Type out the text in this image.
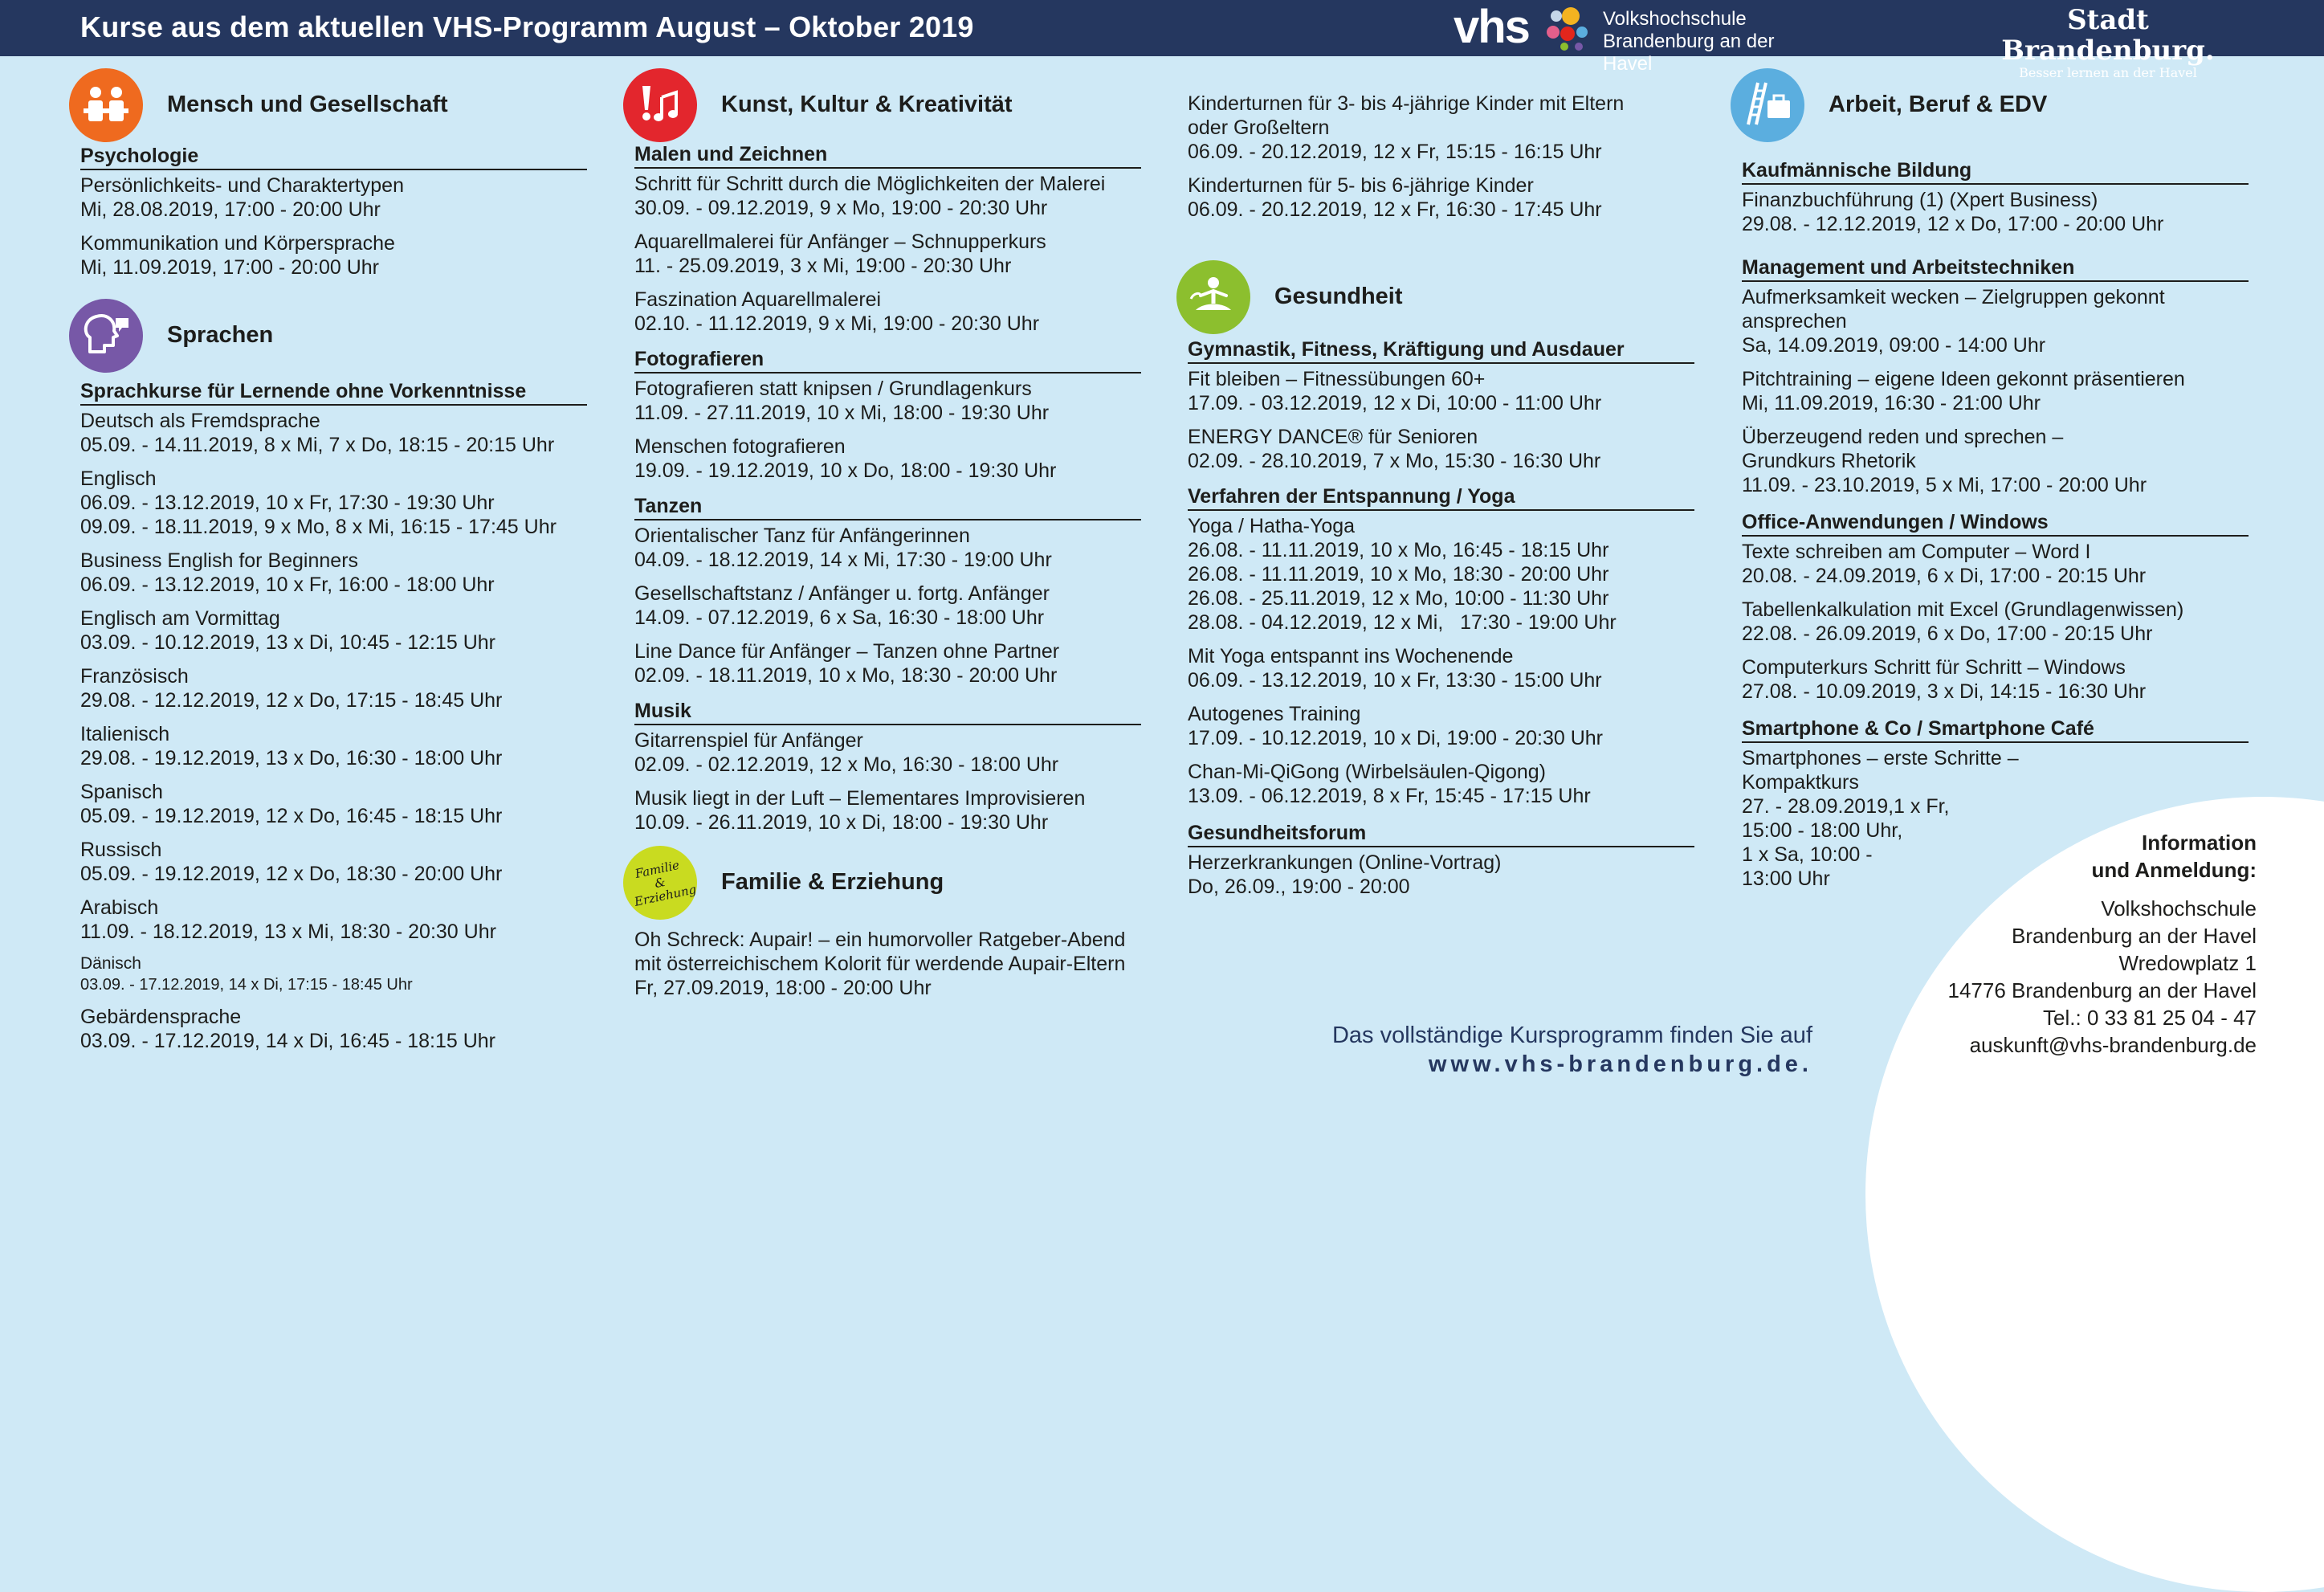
Kurse aus dem aktuellen VHS-Programm August – Oktober 2019	vhs	Volkshochschule
Brandenburg an der Havel
Stadt Brandenburg.
Besser lernen an der Havel
Mensch und Gesellschaft
Psychologie
Persönlichkeits- und Charaktertypen
Mi, 28.08.2019, 17:00 - 20:00 Uhr
Kommunikation und Körpersprache
Mi, 11.09.2019, 17:00 - 20:00 Uhr
Sprachen
Sprachkurse für Lernende ohne Vorkenntnisse
Deutsch als Fremdsprache
05.09. - 14.11.2019, 8 x Mi, 7 x Do, 18:15 - 20:15 Uhr
Englisch
06.09. - 13.12.2019, 10 x Fr, 17:30 - 19:30 Uhr
09.09. - 18.11.2019, 9 x Mo, 8 x Mi, 16:15 - 17:45 Uhr
Business English for Beginners
06.09. - 13.12.2019, 10 x Fr, 16:00 - 18:00 Uhr
Englisch am Vormittag
03.09. - 10.12.2019, 13 x Di, 10:45 - 12:15 Uhr
Französisch
29.08. - 12.12.2019, 12 x Do, 17:15 - 18:45 Uhr
Italienisch
29.08. - 19.12.2019, 13 x Do, 16:30 - 18:00 Uhr
Spanisch
05.09. - 19.12.2019, 12 x Do, 16:45 - 18:15 Uhr
Russisch
05.09. - 19.12.2019, 12 x Do, 18:30 - 20:00 Uhr
Arabisch
11.09. - 18.12.2019, 13 x Mi, 18:30 - 20:30 Uhr
Dänisch
03.09. - 17.12.2019, 14 x Di, 17:15 - 18:45 Uhr
Gebärdensprache
03.09. - 17.12.2019, 14 x Di, 16:45 - 18:15 Uhr
Kunst, Kultur & Kreativität
Malen und Zeichnen
Schritt für Schritt durch die Möglichkeiten der Malerei
30.09. - 09.12.2019, 9 x Mo, 19:00 - 20:30 Uhr
Aquarellmalerei für Anfänger – Schnupperkurs
11. - 25.09.2019, 3 x Mi, 19:00 - 20:30 Uhr
Faszination Aquarellmalerei
02.10. - 11.12.2019, 9 x Mi, 19:00 - 20:30 Uhr
Fotografieren
Fotografieren statt knipsen / Grundlagenkurs
11.09. - 27.11.2019, 10 x Mi, 18:00 - 19:30 Uhr
Menschen fotografieren
19.09. - 19.12.2019, 10 x Do, 18:00 - 19:30 Uhr
Tanzen
Orientalischer Tanz für Anfängerinnen
04.09. - 18.12.2019, 14 x Mi, 17:30 - 19:00 Uhr
Gesellschaftstanz / Anfänger u. fortg. Anfänger
14.09. - 07.12.2019, 6 x Sa, 16:30 - 18:00 Uhr
Line Dance für Anfänger – Tanzen ohne Partner
02.09. - 18.11.2019, 10 x Mo, 18:30 - 20:00 Uhr
Musik
Gitarrenspiel für Anfänger
02.09. - 02.12.2019, 12 x Mo, 16:30 - 18:00 Uhr
Musik liegt in der Luft – Elementares Improvisieren
10.09. - 26.11.2019, 10 x Di, 18:00 - 19:30 Uhr
Familie & Erziehung Familie & Erziehung
Oh Schreck: Aupair! – ein humorvoller Ratgeber-Abend
mit österreichischem Kolorit für werdende Aupair-Eltern
Fr, 27.09.2019, 18:00 - 20:00 Uhr
Kinderturnen für 3- bis 4-jährige Kinder mit Eltern
oder Großeltern
06.09. - 20.12.2019, 12 x Fr, 15:15 - 16:15 Uhr
Kinderturnen für 5- bis 6-jährige Kinder
06.09. - 20.12.2019, 12 x Fr, 16:30 - 17:45 Uhr
Gesundheit
Gymnastik, Fitness, Kräftigung und Ausdauer
Fit bleiben – Fitnessübungen 60+
17.09. - 03.12.2019, 12 x Di, 10:00 - 11:00 Uhr
ENERGY DANCE® für Senioren
02.09. - 28.10.2019, 7 x Mo, 15:30 - 16:30 Uhr
Verfahren der Entspannung / Yoga
Yoga / Hatha-Yoga
26.08. - 11.11.2019, 10 x Mo, 16:45 - 18:15 Uhr
26.08. - 11.11.2019, 10 x Mo, 18:30 - 20:00 Uhr
26.08. - 25.11.2019, 12 x Mo, 10:00 - 11:30 Uhr
28.08. - 04.12.2019, 12 x Mi,   17:30 - 19:00 Uhr
Mit Yoga entspannt ins Wochenende
06.09. - 13.12.2019, 10 x Fr, 13:30 - 15:00 Uhr
Autogenes Training
17.09. - 10.12.2019, 10 x Di, 19:00 - 20:30 Uhr
Chan-Mi-QiGong (Wirbelsäulen-Qigong)
13.09. - 06.12.2019, 8 x Fr, 15:45 - 17:15 Uhr
Gesundheitsforum
Herzerkrankungen (Online-Vortrag)
Do, 26.09., 19:00 - 20:00
Arbeit, Beruf & EDV
Kaufmännische Bildung
Finanzbuchführung (1) (Xpert Business)
29.08. - 12.12.2019, 12 x Do, 17:00 - 20:00 Uhr
Management und Arbeitstechniken
Aufmerksamkeit wecken – Zielgruppen gekonnt
ansprechen
Sa, 14.09.2019, 09:00 - 14:00 Uhr
Pitchtraining – eigene Ideen gekonnt präsentieren
Mi, 11.09.2019, 16:30 - 21:00 Uhr
Überzeugend reden und sprechen –
Grundkurs Rhetorik
11.09. - 23.10.2019, 5 x Mi, 17:00 - 20:00 Uhr
Office-Anwendungen / Windows
Texte schreiben am Computer – Word I
20.08. - 24.09.2019, 6 x Di, 17:00 - 20:15 Uhr
Tabellenkalkulation mit Excel (Grundlagenwissen)
22.08. - 26.09.2019, 6 x Do, 17:00 - 20:15 Uhr
Computerkurs Schritt für Schritt – Windows
27.08. - 10.09.2019, 3 x Di, 14:15 - 16:30 Uhr
Smartphone & Co / Smartphone Café
Smartphones – erste Schritte –
Kompaktkurs
27. - 28.09.2019,1 x Fr,
15:00 - 18:00 Uhr,
1 x Sa, 10:00 -
13:00 Uhr
Information
und Anmeldung:
Volkshochschule
Brandenburg an der Havel
Wredowplatz 1
14776 Brandenburg an der Havel
Tel.: 0 33 81 25 04 - 47
auskunft@vhs-brandenburg.de
Das vollständige Kursprogramm finden Sie auf
www.vhs-brandenburg.de.
